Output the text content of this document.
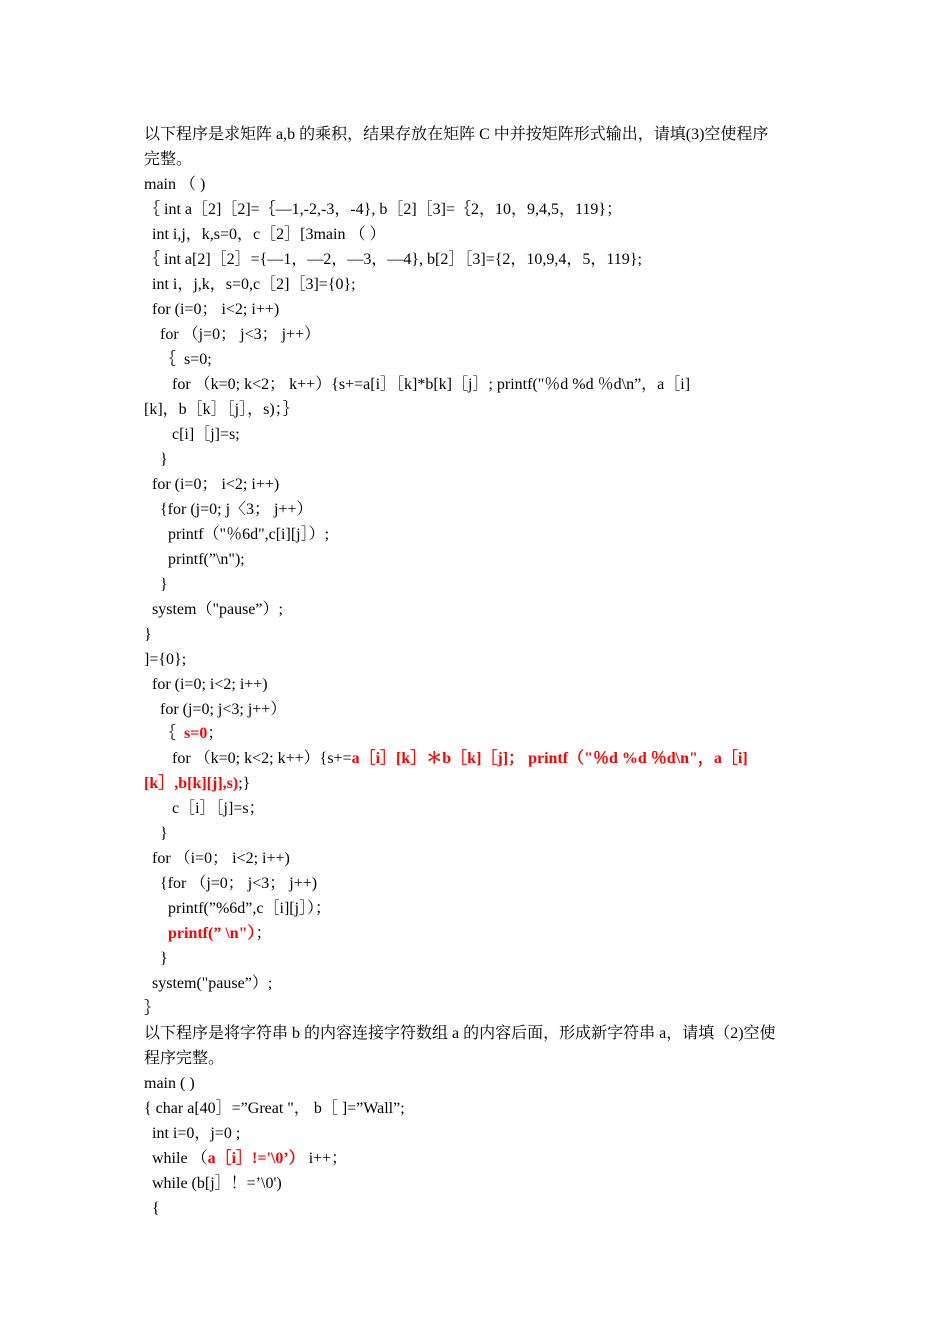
以下程序是求矩阵 a,b 的乘积，结果存放在矩阵 C 中并按矩阵形式输出，请填(3)空使程序
完整。
main （ )
｛ int a［2]［2]=｛—1,-2,-3，-4}, b［2]［3]=｛2，10，9,4,5，119}；
int i,j，k,s=0，c［2］[3main （ ）
｛ int a[2]［2］={—1，—2，—3，—4}, b[2］［3]={2，10,9,4，5，119};
int i，j,k，s=0,c［2]［3]={0};
for (i=0； i<2; i++)
for （j=0； j<3； j++）
｛  s=0;
for （k=0; k<2； k++）{s+=a[i］［k]*b[k]［j］; printf("％d %d ％d\n”，a［i]
[k]，b［k］［j］，s)；｝
c[i]［j]=s;
}
for (i=0； i<2; i++)
{for (j=0; j〈3； j++）
printf（"％6d",c[i][j］）;
printf(”\n");
}
system（"pause”）;
}
]={0};
for (i=0; i<2; i++)
for (j=0; j<3; j++）
｛  s=0；
for （k=0; k<2; k++）{s+=a［i］[k］＊b［k]［j]； printf（"％d %d ％d\n"，a［i]
[k］,b[k][j],s);}
c［i］［j]=s；
}
for （i=0； i<2; i++)
{for （j=0； j<3； j++)
printf(”%6d”,c［i][j］）；
printf(” \n"）；
}
system("pause”）;
｝
以下程序是将字符串 b 的内容连接字符数组 a 的内容后面，形成新字符串 a，请填（2)空使
程序完整。
main ( )
{ char a[40］=”Great "， b［ ]=”Wall”;
int i=0，j=0 ;
while （a［i］!='\0’） i++；
while (b[j］！=’\0')
{
